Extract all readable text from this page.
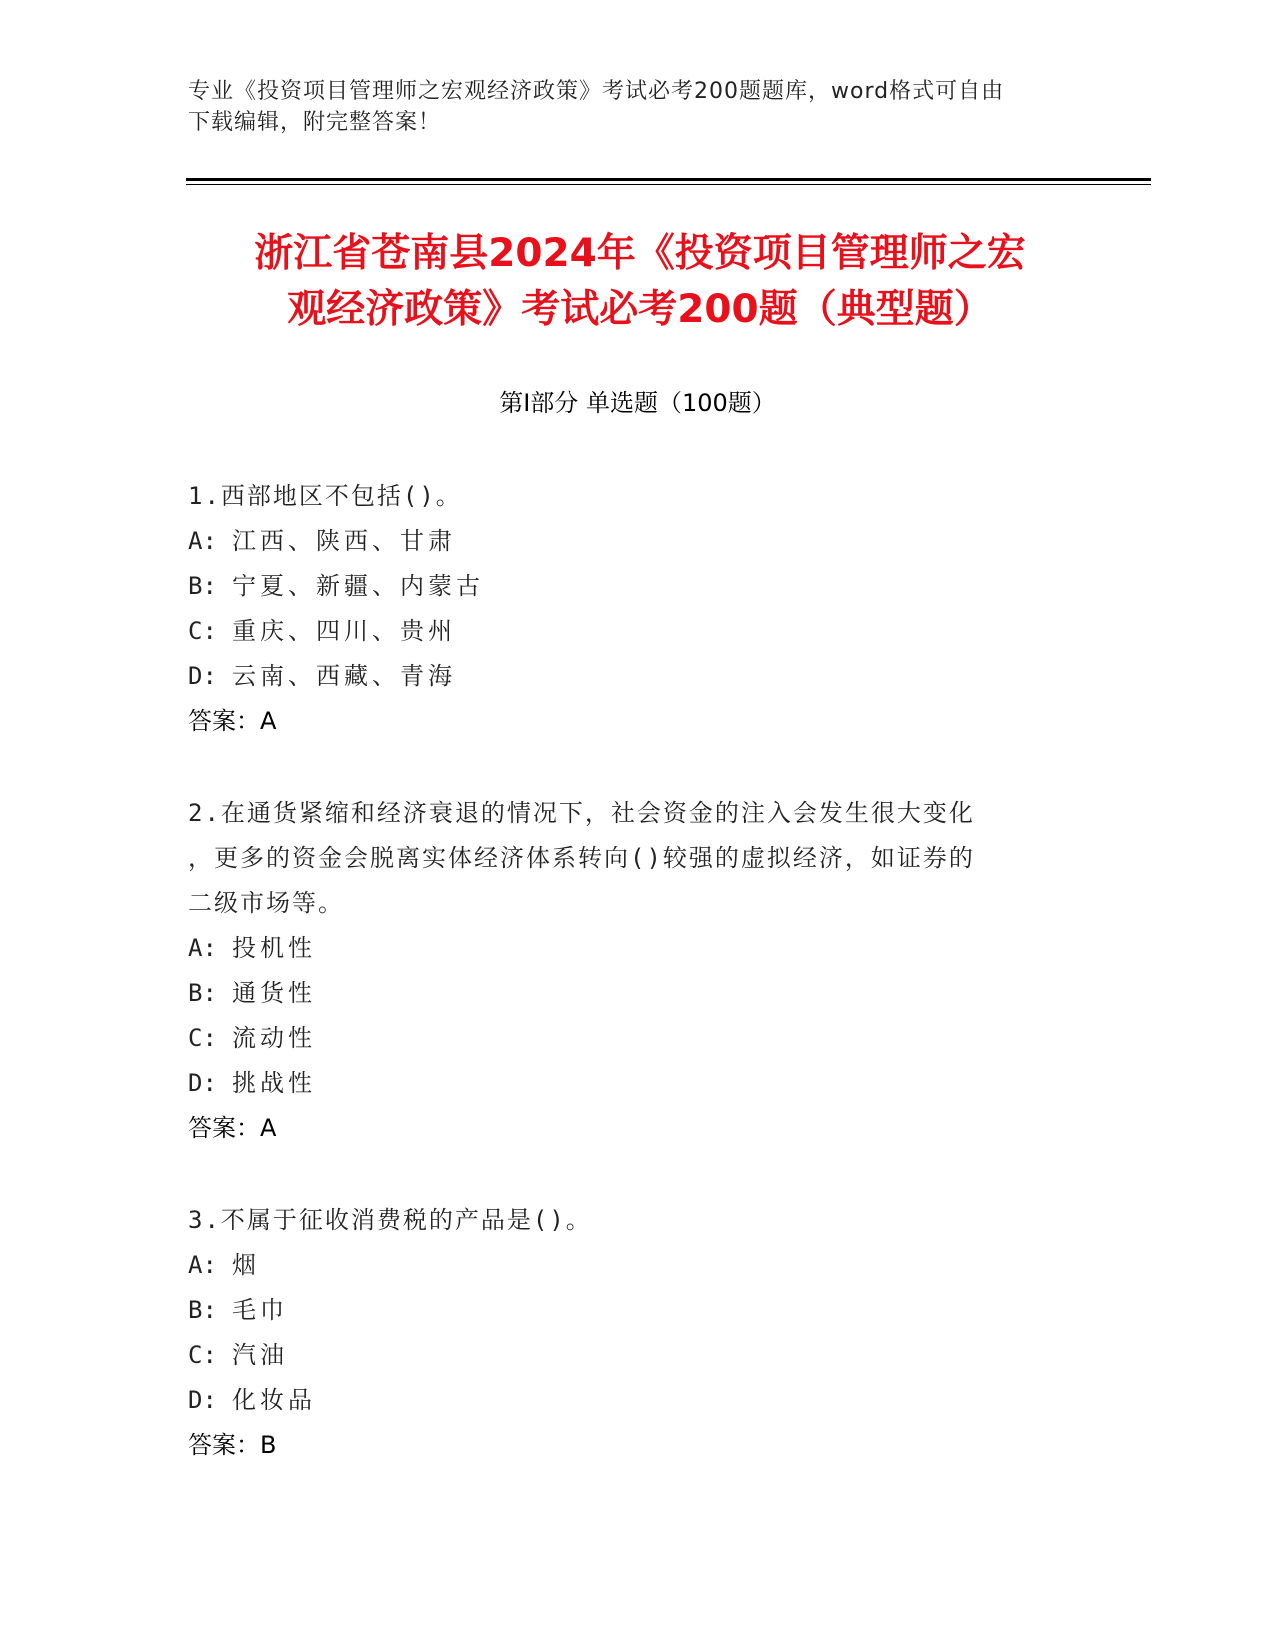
专业《投资项目管理师之宏观经济政策》考试必考200题题库，word格式可自由
下载编辑，附完整答案！
浙江省苍南县2024年《投资项目管理师之宏
观经济政策》考试必考200题（典型题）
第Ⅰ部分 单选题（100题）
1.西部地区不包括()。
A: 江西、陕西、甘肃
B: 宁夏、新疆、内蒙古
C: 重庆、四川、贵州
D: 云南、西藏、青海
答案：A
2.在通货紧缩和经济衰退的情况下，社会资金的注入会发生很大变化
，更多的资金会脱离实体经济体系转向()较强的虚拟经济，如证券的
二级市场等。
A: 投机性
B: 通货性
C: 流动性
D: 挑战性
答案：A
3.不属于征收消费税的产品是()。
A: 烟
B: 毛巾
C: 汽油
D: 化妆品
答案：B
